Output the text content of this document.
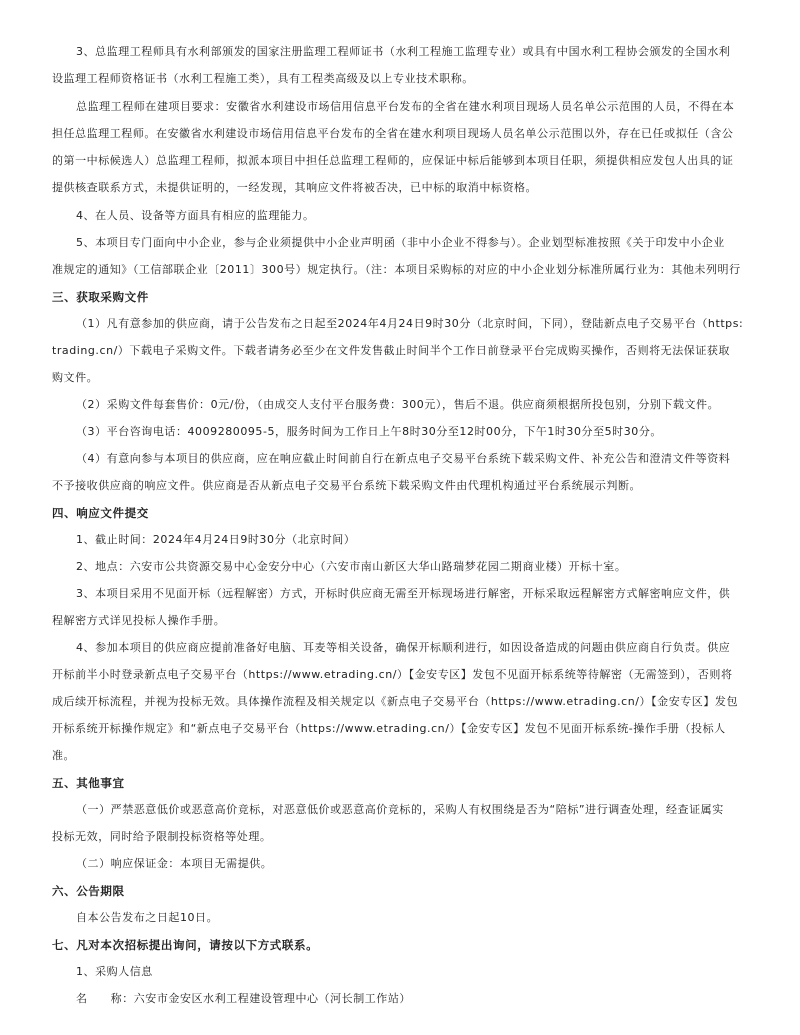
3、总监理工程师具有水利部颁发的国家注册监理工程师证书（水利工程施工监理专业）或具有中国水利工程协会颁发的全国水利
设监理工程师资格证书（水利工程施工类），具有工程类高级及以上专业技术职称。
总监理工程师在建项目要求：安徽省水利建设市场信用信息平台发布的全省在建水利项目现场人员名单公示范围的人员，不得在本
担任总监理工程师。在安徽省水利建设市场信用信息平台发布的全省在建水利项目现场人员名单公示范围以外，存在已任或拟任（含公
的第一中标候选人）总监理工程师，拟派本项目中担任总监理工程师的，应保证中标后能够到本项目任职，须提供相应发包人出具的证
提供核查联系方式，未提供证明的，一经发现，其响应文件将被否决，已中标的取消中标资格。
4、在人员、设备等方面具有相应的监理能力。
5、本项目专门面向中小企业，参与企业须提供中小企业声明函（非中小企业不得参与）。企业划型标准按照《关于印发中小企业
准规定的通知》（工信部联企业〔2011〕300号）规定执行。（注：本项目采购标的对应的中小企业划分标准所属行业为：其他未列明行
三、获取采购文件
（1）凡有意参加的供应商，请于公告发布之日起至2024年4月24日9时30分（北京时间，下同），登陆新点电子交易平台（https:
trading.cn/）下载电子采购文件。下载者请务必至少在文件发售截止时间半个工作日前登录平台完成购买操作，否则将无法保证获取
购文件。
（2）采购文件每套售价：0元/份，（由成交人支付平台服务费：300元），售后不退。供应商须根据所投包别，分别下载文件。
（3）平台咨询电话：4009280095-5，服务时间为工作日上午8时30分至12时00分，下午1时30分至5时30分。
（4）有意向参与本项目的供应商，应在响应截止时间前自行在新点电子交易平台系统下载采购文件、补充公告和澄清文件等资料
不予接收供应商的响应文件。供应商是否从新点电子交易平台系统下载采购文件由代理机构通过平台系统展示判断。
四、响应文件提交
1、截止时间：2024年4月24日9时30分（北京时间）
2、地点：六安市公共资源交易中心金安分中心（六安市南山新区大华山路瑞梦花园二期商业楼）开标十室。
3、本项目采用不见面开标（远程解密）方式，开标时供应商无需至开标现场进行解密，开标采取远程解密方式解密响应文件，供
程解密方式详见投标人操作手册。
4、参加本项目的供应商应提前准备好电脑、耳麦等相关设备，确保开标顺利进行，如因设备造成的问题由供应商自行负责。供应
开标前半小时登录新点电子交易平台（https://www.etrading.cn/）【金安专区】发包不见面开标系统等待解密（无需签到），否则将
成后续开标流程，并视为投标无效。具体操作流程及相关规定以《新点电子交易平台（https://www.etrading.cn/）【金安专区】发包
开标系统开标操作规定》和“新点电子交易平台（https://www.etrading.cn/）【金安专区】发包不见面开标系统-操作手册（投标人
准。
五、其他事宜
（一）严禁恶意低价或恶意高价竞标，对恶意低价或恶意高价竞标的，采购人有权围绕是否为“陪标”进行调查处理，经查证属实
投标无效，同时给予限制投标资格等处理。
（二）响应保证金：本项目无需提供。
六、公告期限
自本公告发布之日起10日。
七、凡对本次招标提出询问，请按以下方式联系。
1、采购人信息
名　　称：六安市金安区水利工程建设管理中心（河长制工作站）
